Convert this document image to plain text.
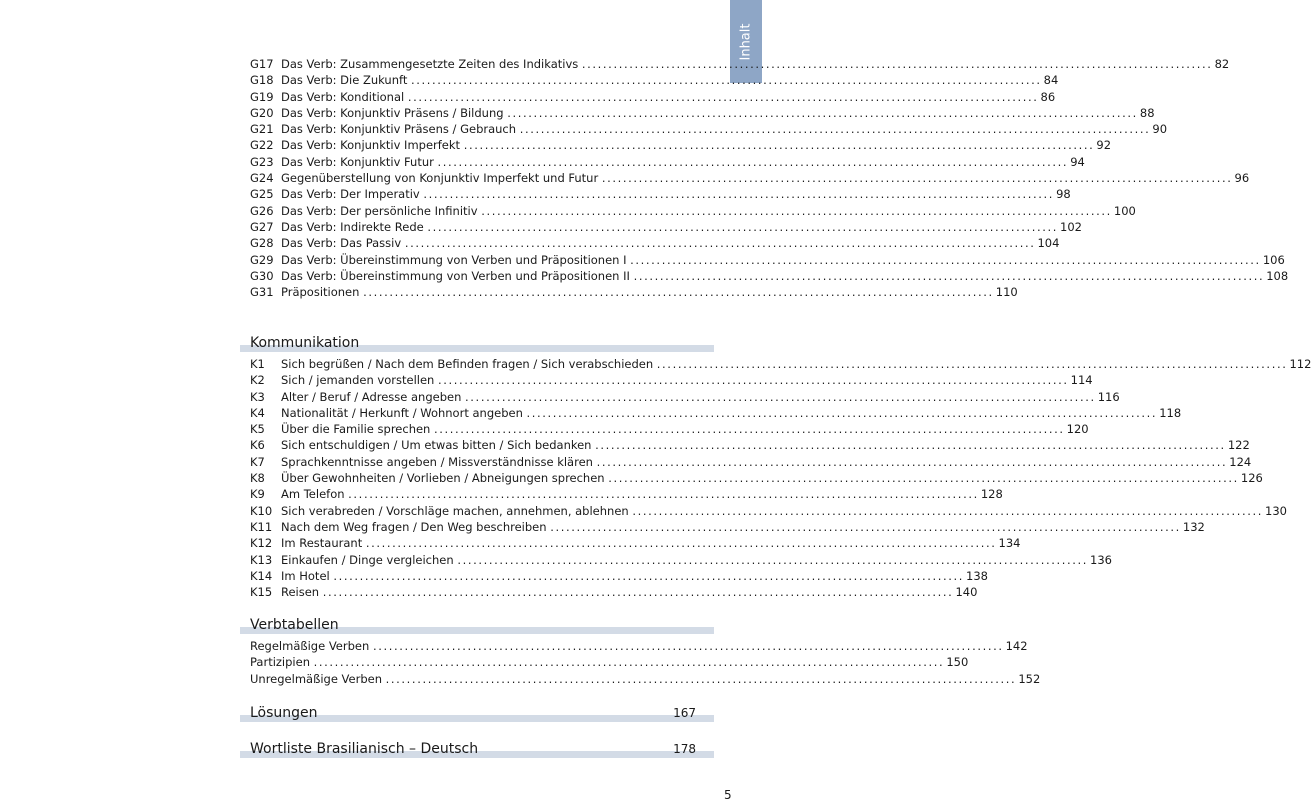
Inhalt
G17 Das Verb: Zusammengesetzte Zeiten des Indikativs ........................................................................................................................ 82
G18 Das Verb: Die Zukunft ........................................................................................................................ 84
G19 Das Verb: Konditional ........................................................................................................................ 86
G20 Das Verb: Konjunktiv Präsens / Bildung ........................................................................................................................ 88
G21 Das Verb: Konjunktiv Präsens / Gebrauch ........................................................................................................................ 90
G22 Das Verb: Konjunktiv Imperfekt ........................................................................................................................ 92
G23 Das Verb: Konjunktiv Futur ........................................................................................................................ 94
G24 Gegenüberstellung von Konjunktiv Imperfekt und Futur ........................................................................................................................ 96
G25 Das Verb: Der Imperativ ........................................................................................................................ 98
G26 Das Verb: Der persönliche Infinitiv ........................................................................................................................ 100
G27 Das Verb: Indirekte Rede ........................................................................................................................ 102
G28 Das Verb: Das Passiv ........................................................................................................................ 104
G29 Das Verb: Übereinstimmung von Verben und Präpositionen I ........................................................................................................................ 106
G30 Das Verb: Übereinstimmung von Verben und Präpositionen II ........................................................................................................................ 108
G31 Präpositionen ........................................................................................................................ 110
Kommunikation
K1	Sich begrüßen / Nach dem Befinden fragen / Sich verabschieden ........................................................................................................................ 112
K2	Sich / jemanden vorstellen ........................................................................................................................ 114
K3	Alter / Beruf / Adresse angeben ........................................................................................................................ 116
K4	Nationalität / Herkunft / Wohnort angeben ........................................................................................................................ 118
K5	Über die Familie sprechen ........................................................................................................................ 120
K6	Sich entschuldigen / Um etwas bitten / Sich bedanken ........................................................................................................................ 122
K7	Sprachkenntnisse angeben / Missverständnisse klären ........................................................................................................................ 124
K8	Über Gewohnheiten / Vorlieben / Abneigungen sprechen ........................................................................................................................ 126
K9	Am Telefon ........................................................................................................................ 128
K10 Sich verabreden / Vorschläge machen, annehmen, ablehnen ........................................................................................................................ 130
K11 Nach dem Weg fragen / Den Weg beschreiben ........................................................................................................................ 132
K12 Im Restaurant ........................................................................................................................ 134
K13 Einkaufen / Dinge vergleichen ........................................................................................................................ 136
K14 Im Hotel ........................................................................................................................ 138
K15 Reisen ........................................................................................................................ 140
Verbtabellen
Regelmäßige Verben ........................................................................................................................ 142
Partizipien ........................................................................................................................ 150
Unregelmäßige Verben ........................................................................................................................ 152
Lösungen	167
Wortliste Brasilianisch – Deutsch	178
5
